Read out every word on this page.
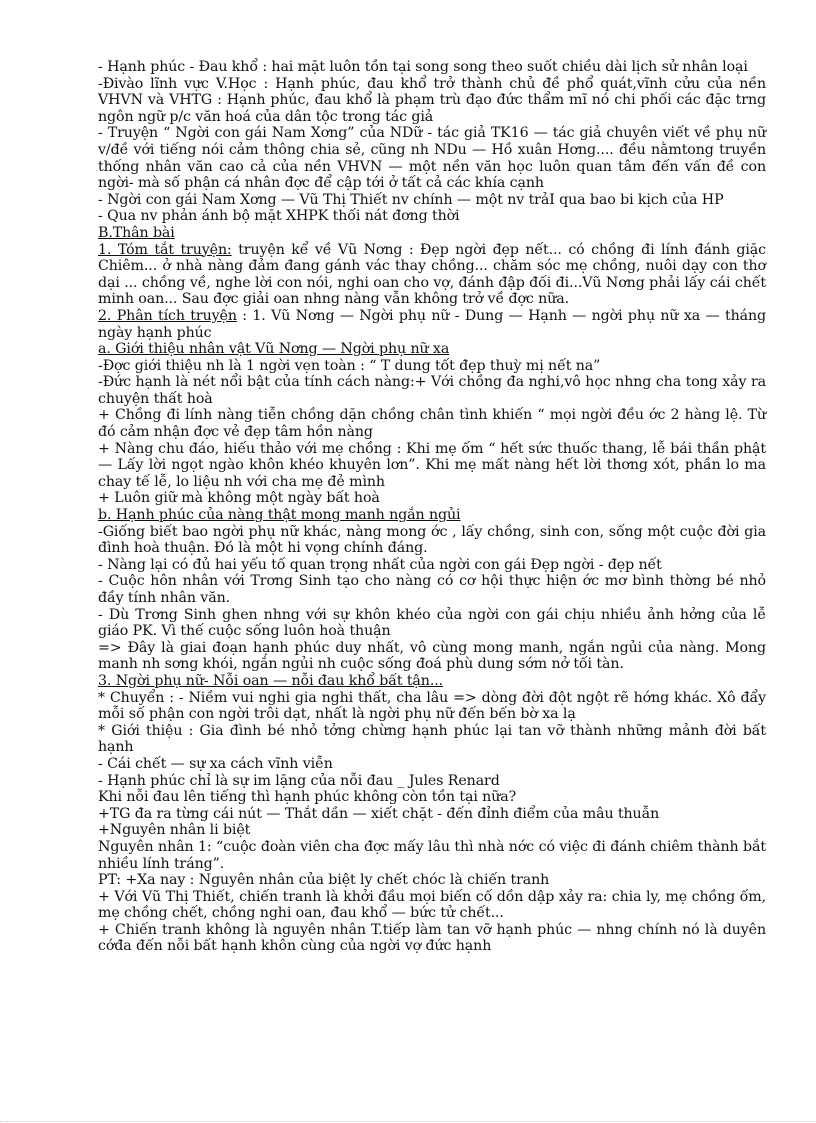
- Hạnh phúc - Đau khổ : hai mặt luôn tồn tại song song theo suốt chiều dài lịch sử nhân loại

-Đivào lĩnh vực V.Học : Hạnh phúc, đau khổ trở thành chủ đề phổ quát,vĩnh cửu của nền VHVN và VHTG : Hạnh phúc, đau khổ là phạm trù đạo đức thẩm mĩ nó chi phối các đặc trng ngôn ngữ p/c văn hoá của dân tộc trong tác giả

- Truyện “ Ngời con gái Nam Xơng” của NDữ - tác giả TK16 — tác giả chuyên viết về phụ nữ v/đề với tiếng nói cảm thông chia sẻ, cũng nh NDu — Hồ xuân Hơng.... đều nằmtong truyền thống nhân văn cao cả của nền VHVN — một nền văn học luôn quan tâm đến vấn đề con ngời- mà số phận cá nhân đợc để cập tới ở tất cả các khía cạnh

- Ngời con gái Nam Xơng — Vũ Thị Thiết nv chính — một nv trảI qua bao bi kịch của HP

- Qua nv phản ánh bộ mặt XHPK thối nát đơng thời

B.Thân bài

1. Tóm tắt truyện: truyện kể về Vũ Nơng : Đẹp ngời đẹp nết... có chồng đi lính đánh giặc Chiêm... ở nhà nàng đảm đang gánh vác thay chồng... chăm sóc mẹ chồng, nuôi dạy con thơ dại ... chồng về, nghe lời con nói, nghi oan cho vợ, đánh đập đối đi...Vũ Nơng phải lấy cái chết minh oan... Sau đợc giải oan nhng nàng vẫn không trở về đợc nữa.

2. Phân tích truyện : 1. Vũ Nơng — Ngời phụ nữ - Dung — Hạnh — ngời phụ nữ xa — tháng ngày hạnh phúc

a. Giới thiệu nhân vật Vũ Nơng — Ngời phụ nữ xa

-Đợc giới thiệu nh là 1 ngời vẹn toàn : “ T dung tốt đẹp thuỳ mị nết na”

-Đức hạnh là nét nổi bật của tính cách nàng:+ Với chồng đa nghi,vô học nhng cha tong xảy ra chuyện thất hoà

+ Chồng đi lính nàng tiễn chồng dặn chồng chân tình khiến “ mọi ngời đều ớc 2 hàng lệ. Từ đó cảm nhận đợc vẻ đẹp tâm hồn nàng

+ Nàng chu đáo, hiếu thảo với mẹ chồng : Khi mẹ ốm “ hết sức thuốc thang, lễ bái thần phật — Lấy lời ngọt ngào khôn khéo khuyên lơn”. Khi mẹ mất nàng hết lời thơng xót, phần lo ma chay tế lễ, lo liệu nh với cha mẹ đẻ mình

+ Luôn giữ mà không một ngày bất hoà

b. Hạnh phúc của nàng thật mong manh ngắn ngủi

-Giống biết bao ngời phụ nữ khác, nàng mong ớc , lấy chồng, sinh con, sống một cuộc đời gia đình hoà thuận. Đó là một hi vọng chính đáng.

- Nàng lại có đủ hai yếu tố quan trọng nhất của ngời con gái Đẹp ngời - đẹp nết

- Cuộc hôn nhân với Trơng Sinh tạo cho nàng có cơ hội thực hiện ớc mơ bình thờng bé nhỏ đầy tính nhân văn.

- Dù Trơng Sinh ghen nhng với sự khôn khéo của ngời con gái chịu nhiều ảnh hởng của lễ giáo PK. Vì thế cuộc sống luôn hoà thuận

=> Đây là giai đoạn hạnh phúc duy nhất, vô cùng mong manh, ngắn ngủi của nàng. Mong manh nh sơng khói, ngắn ngủi nh cuộc sống đoá phù dung sớm nở tối tàn.

3. Ngời phụ nữ- Nỗi oan — nỗi đau khổ bất tận...

* Chuyển : - Niềm vui nghi gia nghi thất, cha lâu => dòng đời đột ngột rẽ hớng khác. Xô đẩy mỗi số phận con ngời trôi dạt, nhất là ngời phụ nữ đến bến bờ xa lạ

* Giới thiệu : Gia đình bé nhỏ tởng chừng hạnh phúc lại tan vỡ thành những mảnh đời bất hạnh

- Cái chết — sự xa cách vĩnh viễn

- Hạnh phúc chỉ là sự im lặng của nỗi đau _ Jules Renard

Khi nỗi đau lên tiếng thì hạnh phúc không còn tồn tại nữa?

+TG đa ra từng cái nút — Thắt dần — xiết chặt - đến đỉnh điểm của mâu thuẫn

+Nguyên nhân li biệt

Nguyên nhân 1: “cuộc đoàn viên cha đợc mấy lâu thì nhà nớc có việc đi đánh chiêm thành bắt nhiều lính tráng”.

PT: +Xa nay : Nguyên nhân của biệt ly chết chóc là chiến tranh

+ Với Vũ Thị Thiết, chiến tranh là khởi đầu mọi biến cố dồn dập xảy ra: chia ly, mẹ chồng ốm, mẹ chồng chết, chồng nghi oan, đau khổ — bức tử chết...

+ Chiến tranh không là nguyên nhân T.tiếp làm tan vỡ hạnh phúc — nhng chính nó là duyên cớđa đến nỗi bất hạnh khôn cùng của ngời vợ đức hạnh
